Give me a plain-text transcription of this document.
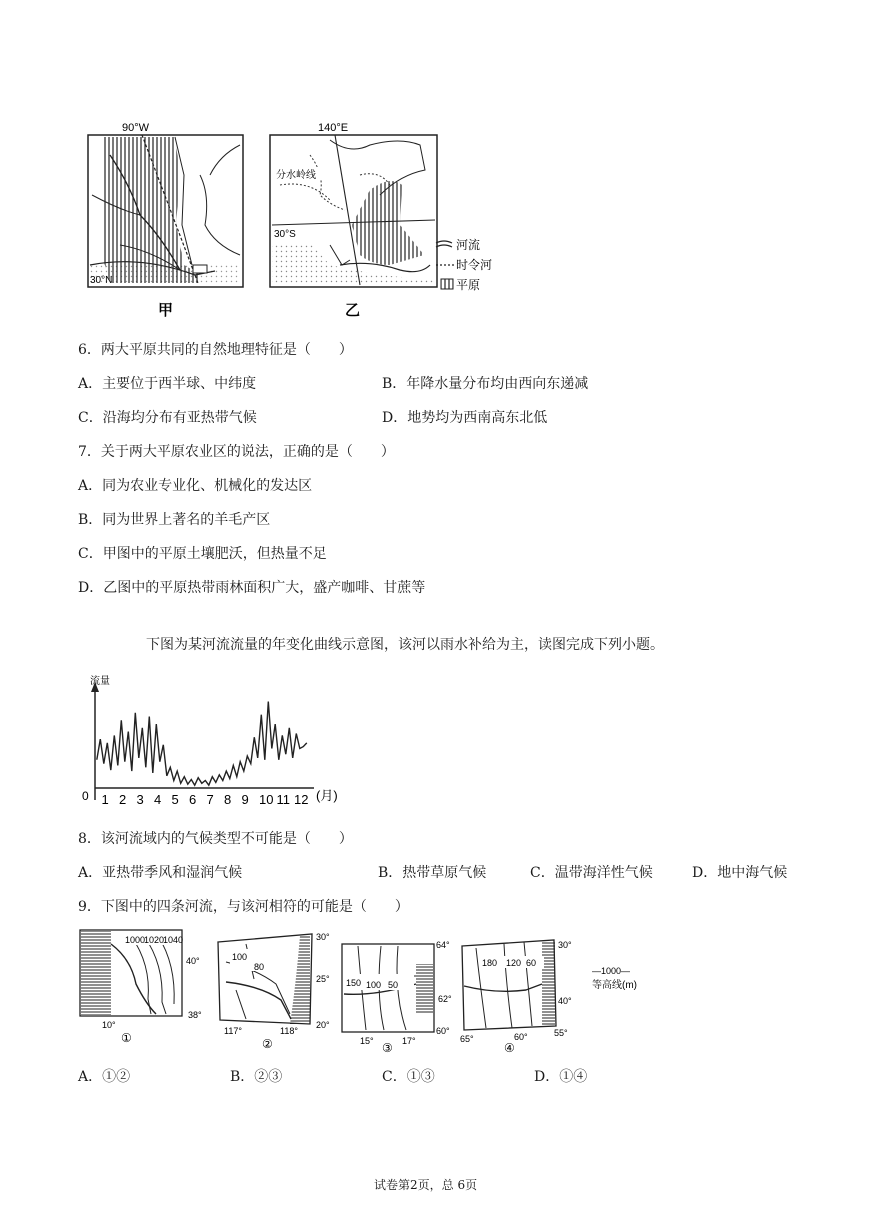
90°W
30°N
甲
分水岭线
140°E
30°S
乙
河流
时令河
平原
6．两大平原共同的自然地理特征是（　　）
A．主要位于西半球、中纬度	B．年降水量分布均由西向东递减
C．沿海均分布有亚热带气候	D．地势均为西南高东北低
7．关于两大平原农业区的说法，正确的是（　　）
A．同为农业专业化、机械化的发达区
B．同为世界上著名的羊毛产区
C．甲图中的平原土壤肥沃，但热量不足
D．乙图中的平原热带雨林面积广大，盛产咖啡、甘蔗等
下图为某河流流量的年变化曲线示意图，该河以雨水补给为主，读图完成下列小题。
流量
0	(月)
1 2 3 4 5 6 7 8 9 10 11 12
8．该河流域内的气候类型不可能是（　　）
A．亚热带季风和湿润气候	B．热带草原气候	C．温带海洋性气候	D．地中海气候
9．下图中的四条河流，与该河相符的可能是（　　）
1000
1020
1040
40°
10°
38°
①
100
80
30°
25°
20°
117°	118°
②
150 100 50
64°
62°
60°
15°	17°
③
180 120 60
30°
40°
65°	60°	55°
④
—1000—
等高线(m)
A．①②	B．②③	C．①③	D．①④
试卷第2页，总 6页
